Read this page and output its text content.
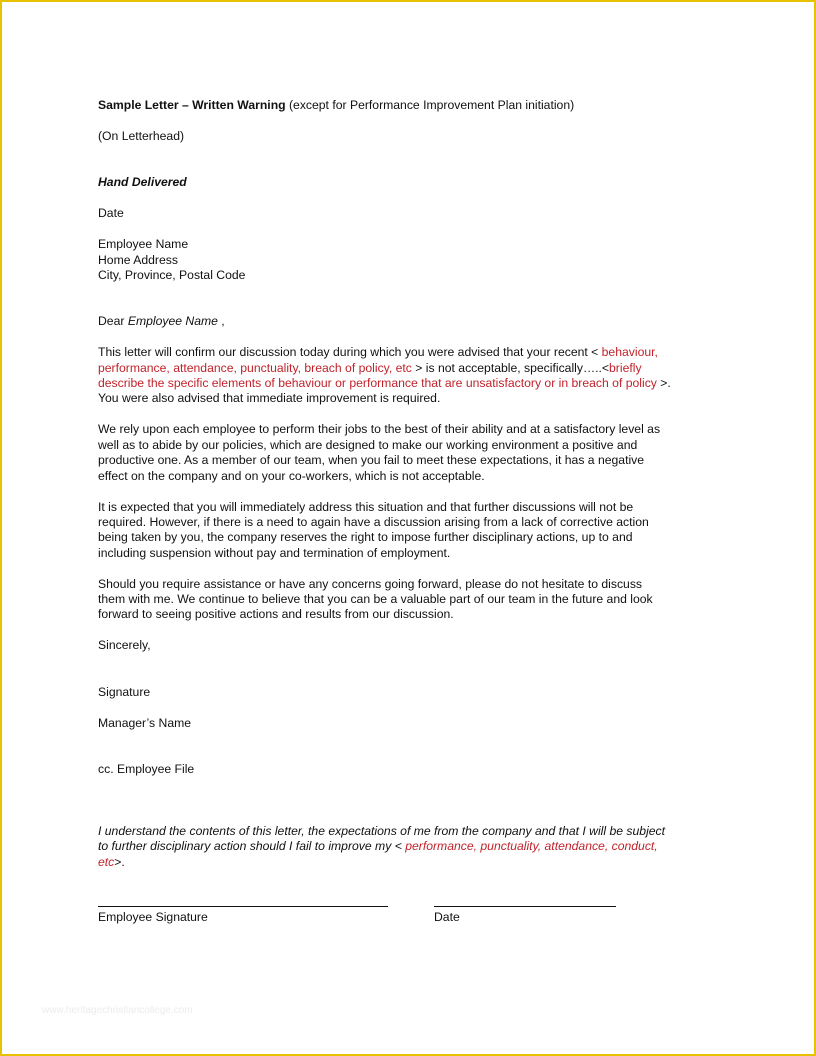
Sample Letter – Written Warning (except for Performance Improvement Plan initiation)
(On Letterhead)
Hand Delivered
Date
Employee Name
Home Address
City, Province, Postal Code
Dear Employee Name ,

This letter will confirm our discussion today during which you were advised that your recent < behaviour,

performance, attendance, punctuality, breach of policy, etc > is not acceptable, specifically…..<briefly

describe the specific elements of behaviour or performance that are unsatisfactory or in breach of policy >.

You were also advised that immediate improvement is required.

We rely upon each employee to perform their jobs to the best of their ability and at a satisfactory level as

well as to abide by our policies, which are designed to make our working environment a positive and

productive one. As a member of our team, when you fail to meet these expectations, it has a negative

effect on the company and on your co-workers, which is not acceptable.

It is expected that you will immediately address this situation and that further discussions will not be

required. However, if there is a need to again have a discussion arising from a lack of corrective action

being taken by you, the company reserves the right to impose further disciplinary actions, up to and

including suspension without pay and termination of employment.

Should you require assistance or have any concerns going forward, please do not hesitate to discuss

them with me. We continue to believe that you can be a valuable part of our team in the future and look

forward to seeing positive actions and results from our discussion.

Sincerely,
Signature
Manager’s Name
cc. Employee File

I understand the contents of this letter, the expectations of me from the company and that I will be subject

to further disciplinary action should I fail to improve my < performance, punctuality, attendance, conduct,

etc>.

Employee Signature	Date
www.heritagechristiancollege.com
